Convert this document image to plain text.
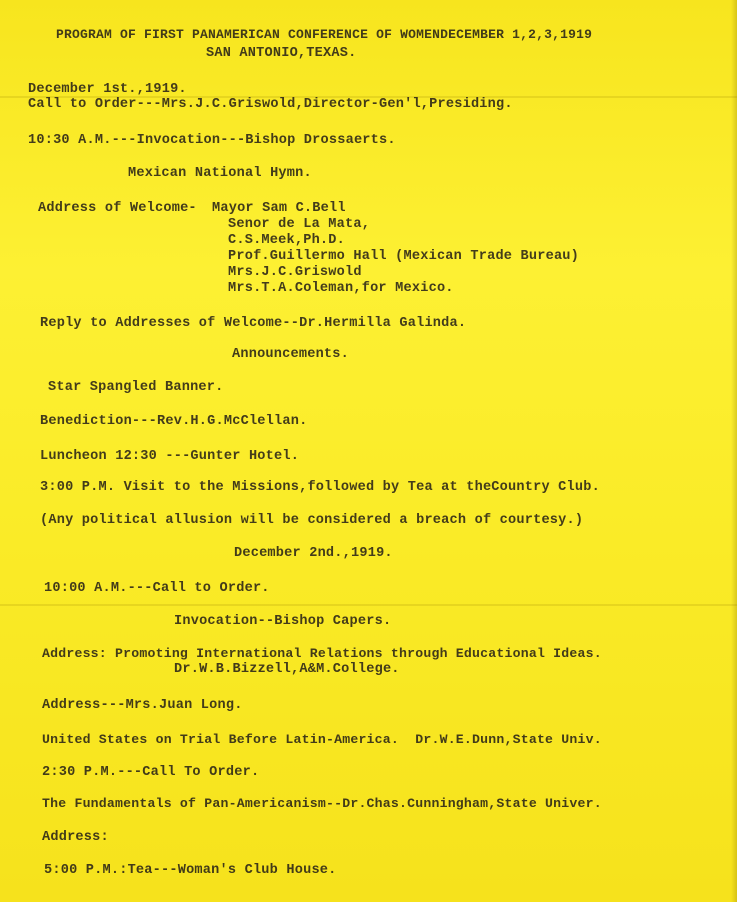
PROGRAM OF FIRST PANAMERICAN CONFERENCE OF WOMENDECEMBER 1,2,3,1919

SAN ANTONIO,TEXAS.
December 1st.,1919.
Call to Order---Mrs.J.C.Griswold,Director-Gen'l,Presiding.
10:30 A.M.---Invocation---Bishop Drossaerts.
Mexican National Hymn.
Address of Welcome- Mayor Sam C.Bell
Senor de La Mata,
C.S.Meek,Ph.D.
Prof.Guillermo Hall (Mexican Trade Bureau)
Mrs.J.C.Griswold
Mrs.T.A.Coleman,for Mexico.
Reply to Addresses of Welcome--Dr.Hermilla Galinda.
Announcements.
Star Spangled Banner.
Benediction---Rev.H.G.McClellan.
Luncheon 12:30 ---Gunter Hotel.
3:00 P.M. Visit to the Missions,followed by Tea at theCountry Club.
(Any political allusion will be considered a breach of courtesy.)
December 2nd.,1919.
10:00 A.M.---Call to Order.
Invocation--Bishop Capers.
Address: Promoting International Relations through Educational Ideas.
Dr.W.B.Bizzell,A&M.College.
Address---Mrs.Juan Long.
United States on Trial Before Latin-America.  Dr.W.E.Dunn,State Univ.
2:30 P.M.---Call To Order.
The Fundamentals of Pan-Americanism--Dr.Chas.Cunningham,State Univer.
Address:
5:00 P.M.:Tea---Woman's Club House.
